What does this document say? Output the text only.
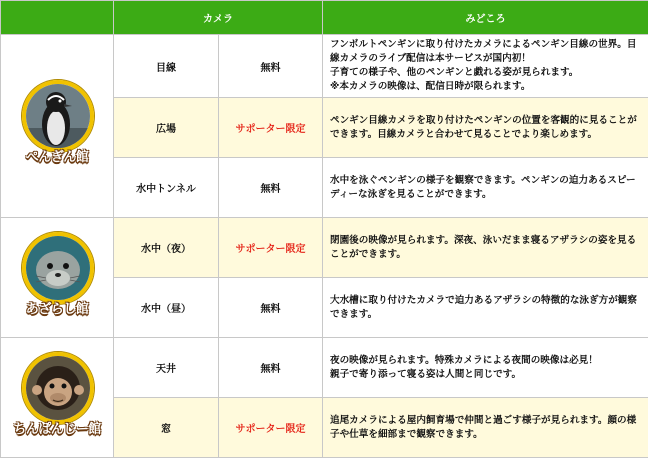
	カメラ		みどころ

ぺんぎん館	目線	無料	フンボルトペンギンに取り付けたカメラによるペンギン目線の世界。目線カメラのライブ配信は本サービスが国内初！
子育ての様子や、他のペンギンと戯れる姿が見られます。
※本カメラの映像は、配信日時が限られます。
	広場	サポーター限定	ペンギン目線カメラを取り付けたペンギンの位置を客観的に見ることができます。目線カメラと合わせて見ることでより楽しめます。
	水中トンネル	無料	水中を泳ぐペンギンの様子を観察できます。ペンギンの迫力あるスピーディーな泳ぎを見ることができます。

あざらし館	水中（夜）	サポーター限定	閉園後の映像が見られます。深夜、泳いだまま寝るアザラシの姿を見ることができます。
	水中（昼）	無料	大水槽に取り付けたカメラで迫力あるアザラシの特徴的な泳ぎ方が観察できます。

ちんぱんじー館	天井	無料	夜の映像が見られます。特殊カメラによる夜間の映像は必見！
親子で寄り添って寝る姿は人間と同じです。
	窓	サポーター限定	追尾カメラによる屋内飼育場で仲間と過ごす様子が見られます。顔の様子や仕草を細部まで観察できます。
